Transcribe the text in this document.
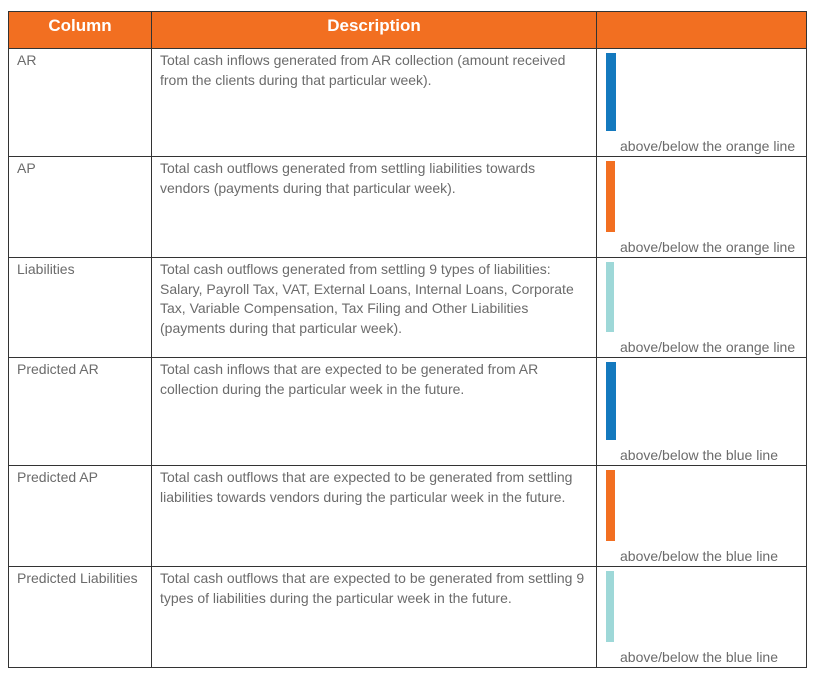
Column	Description	
AR	Total cash inflows generated from AR collection (amount received from the clients during that particular week).	above/below the orange line

AP	Total cash outflows generated from settling liabilities towards vendors (payments during that particular week).	above/below the orange line

Liabilities	Total cash outflows generated from settling 9 types of liabilities: Salary, Payroll Tax, VAT, External Loans, Internal Loans, Corporate Tax, Variable Compensation, Tax Filing and Other Liabilities (payments during that particular week).	above/below the orange line

Predicted AR	Total cash inflows that are expected to be generated from AR collection during the particular week in the future.	above/below the blue line

Predicted AP	Total cash outflows that are expected to be generated from settling liabilities towards vendors during the particular week in the future.	above/below the blue line

Predicted Liabilities	Total cash outflows that are expected to be generated from settling 9 types of liabilities during the particular week in the future.	above/below the blue line
